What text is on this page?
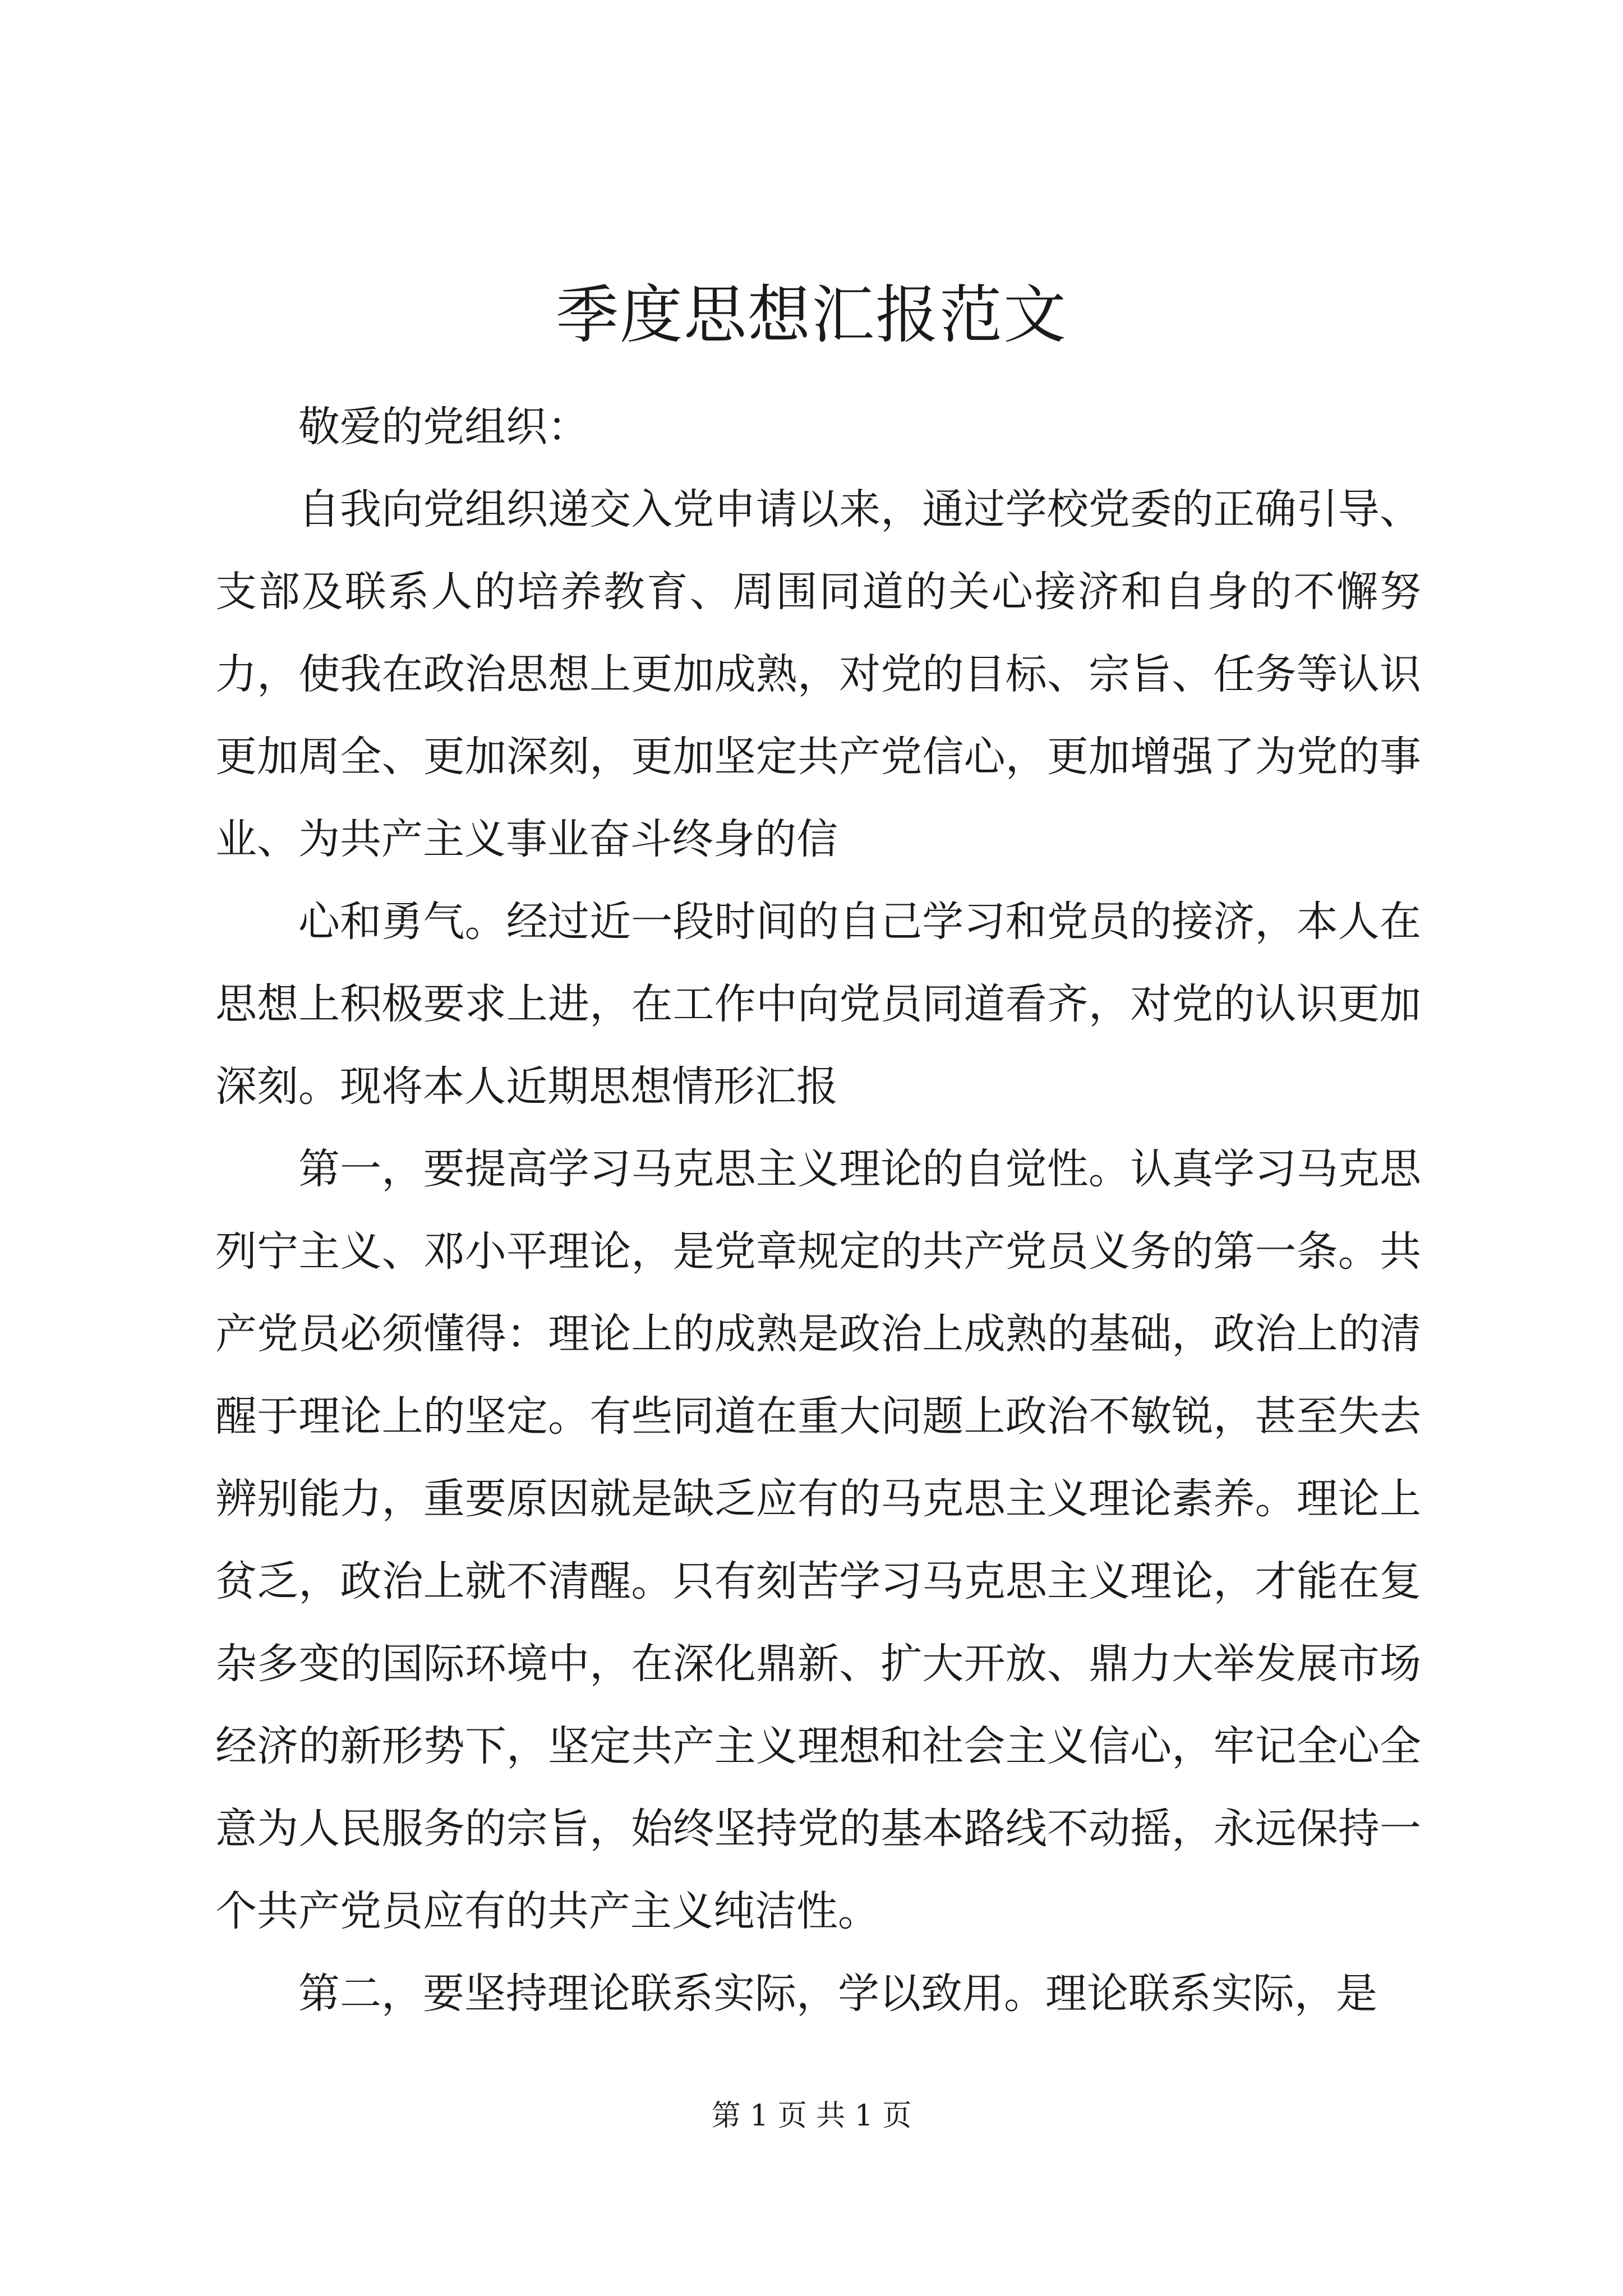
季度思想汇报范文

敬爱的党组织：

自我向党组织递交入党申请以来，通过学校党委的正确引导、支部及联系人的培养教育、周围同道的关心接济和自身的不懈努力，使我在政治思想上更加成熟，对党的目标、宗旨、任务等认识更加周全、更加深刻，更加坚定共产党信心，更加增强了为党的事业、为共产主义事业奋斗终身的信

心和勇气。经过近一段时间的自己学习和党员的接济，本人在思想上积极要求上进，在工作中向党员同道看齐，对党的认识更加深刻。现将本人近期思想情形汇报

第一，要提高学习马克思主义理论的自觉性。认真学习马克思列宁主义、邓小平理论，是党章规定的共产党员义务的第一条。共产党员必须懂得：理论上的成熟是政治上成熟的基础，政治上的清醒于理论上的坚定。有些同道在重大问题上政治不敏锐，甚至失去辨别能力，重要原因就是缺乏应有的马克思主义理论素养。理论上贫乏，政治上就不清醒。只有刻苦学习马克思主义理论，才能在复杂多变的国际环境中，在深化鼎新、扩大开放、鼎力大举发展市场经济的新形势下，坚定共产主义理想和社会主义信心，牢记全心全意为人民服务的宗旨，始终坚持党的基本路线不动摇，永远保持一个共产党员应有的共产主义纯洁性。

第二，要坚持理论联系实际，学以致用。理论联系实际，是

第 1 页 共 1 页
